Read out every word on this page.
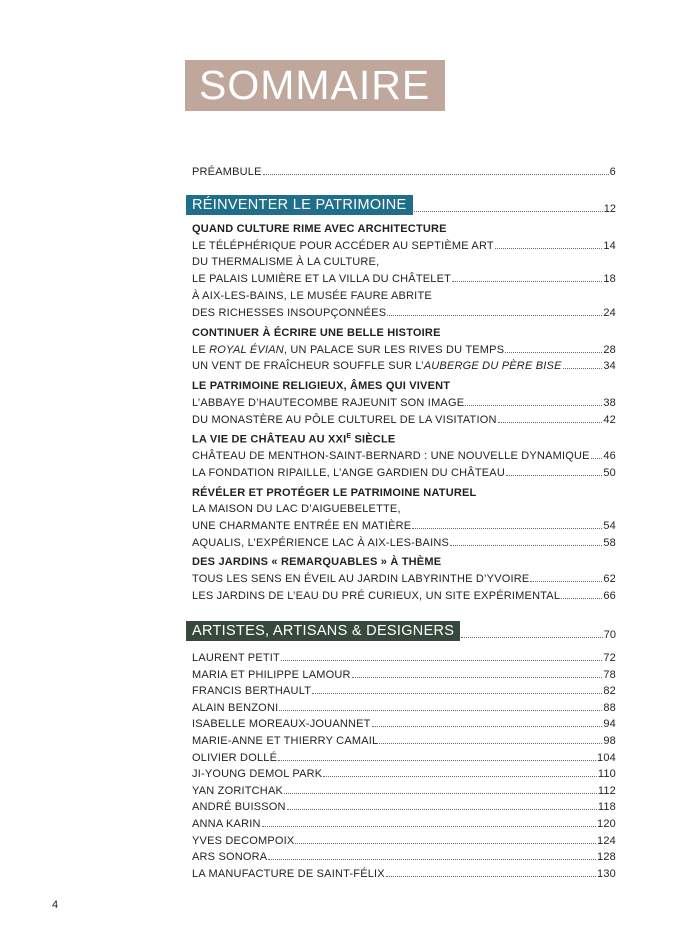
SOMMAIRE
PRÉAMBULE	6
RÉINVENTER LE PATRIMOINE	12
QUAND CULTURE RIME AVEC ARCHITECTURE
LE TÉLÉPHÉRIQUE POUR ACCÉDER AU SEPTIÈME ART	14
DU THERMALISME À LA CULTURE,
LE PALAIS LUMIÈRE ET LA VILLA DU CHÂTELET	18
À AIX-LES-BAINS, LE MUSÉE FAURE ABRITE
DES RICHESSES INSOUPÇONNÉES	24
CONTINUER À ÉCRIRE UNE BELLE HISTOIRE
LE ROYAL ÉVIAN, UN PALACE SUR LES RIVES DU TEMPS	28
UN VENT DE FRAÎCHEUR SOUFFLE SUR L’AUBERGE DU PÈRE BISE	34
LE PATRIMOINE RELIGIEUX, ÂMES QUI VIVENT
L’ABBAYE D’HAUTECOMBE RAJEUNIT SON IMAGE	38
DU MONASTÈRE AU PÔLE CULTUREL DE LA VISITATION	42
LA VIE DE CHÂTEAU AU $XXI^E$ SIÈCLE
CHÂTEAU DE MENTHON-SAINT-BERNARD : UNE NOUVELLE DYNAMIQUE 46
LA FONDATION RIPAILLE, L’ANGE GARDIEN DU CHÂTEAU	50
RÉVÉLER ET PROTÉGER LE PATRIMOINE NATUREL
LA MAISON DU LAC D’AIGUEBELETTE,
UNE CHARMANTE ENTRÉE EN MATIÈRE	54
AQUALIS, L’EXPÉRIENCE LAC À AIX-LES-BAINS	58
DES JARDINS « REMARQUABLES » À THÈME
TOUS LES SENS EN ÉVEIL AU JARDIN LABYRINTHE D’YVOIRE	62
LES JARDINS DE L’EAU DU PRÉ CURIEUX, UN SITE EXPÉRIMENTAL	66
ARTISTES, ARTISANS & DESIGNERS	70
LAURENT PETIT	72
MARIA ET PHILIPPE LAMOUR	78
FRANCIS BERTHAULT	82
ALAIN BENZONI	88
ISABELLE MOREAUX-JOUANNET	94
MARIE-ANNE ET THIERRY CAMAIL	98
OLIVIER DOLLÉ	104
JI-YOUNG DEMOL PARK	110
YAN ZORITCHAK	112
ANDRÉ BUISSON	118
ANNA KARIN	120
YVES DECOMPOIX	124
ARS SONORA	128
LA MANUFACTURE DE SAINT-FÉLIX	130
4
